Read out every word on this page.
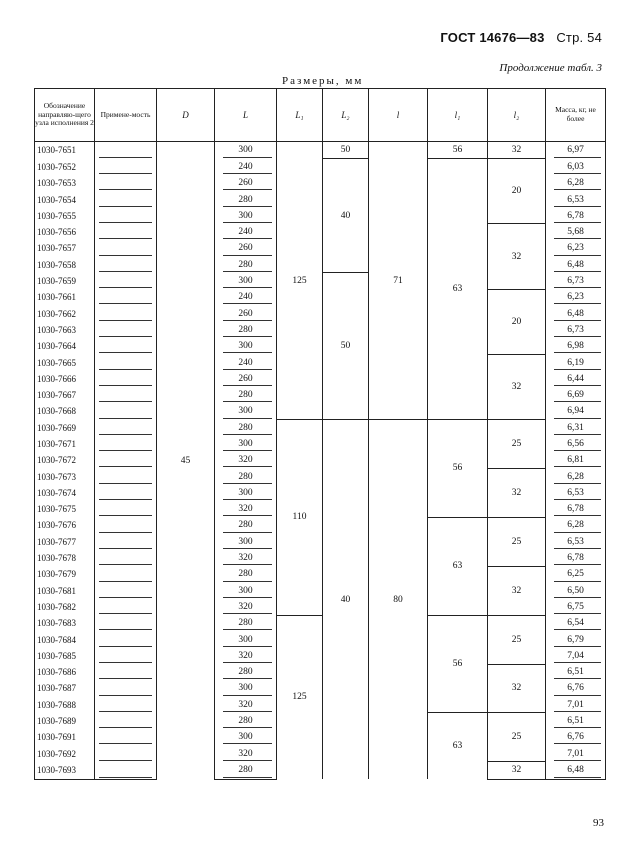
ГОСТ 14676—83 Стр. 54
Продолжение табл. 3
Размеры, мм
Обозначение направляю-щего узла исполнения 2	Примене-мость	D	L	L₁	L₂	l	l₁	l₂	Масса, кг, не более
1030-7651		45	300	125	50	71	56	32	6,97
1030-7652			240		40		63	20	6,03
1030-7653			260						6,28
1030-7654			280						6,53
1030-7655			300						6,78
1030-7656			240					32	5,68
1030-7657			260						6,23
1030-7658			280						6,48
1030-7659			300		50				6,73
1030-7661			240					20	6,23
1030-7662			260						6,48
1030-7663			280						6,73
1030-7664			300						6,98
1030-7665			240					32	6,19
1030-7666			260						6,44
1030-7667			280						6,69
1030-7668			300						6,94
1030-7669			280	110	40	80	56	25	6,31
1030-7671			300						6,56
1030-7672			320						6,81
1030-7673			280					32	6,28
1030-7674			300						6,53
1030-7675			320						6,78
1030-7676			280				63	25	6,28
1030-7677			300						6,53
1030-7678			320						6,78
1030-7679			280					32	6,25
1030-7681			300						6,50
1030-7682			320						6,75
1030-7683			280	125			56	25	6,54
1030-7684			300						6,79
1030-7685			320						7,04
1030-7686			280					32	6,51
1030-7687			300						6,76
1030-7688			320						7,01
1030-7689			280				63	25	6,51
1030-7691			300						6,76
1030-7692			320						7,01
1030-7693			280					32	6,48
93
